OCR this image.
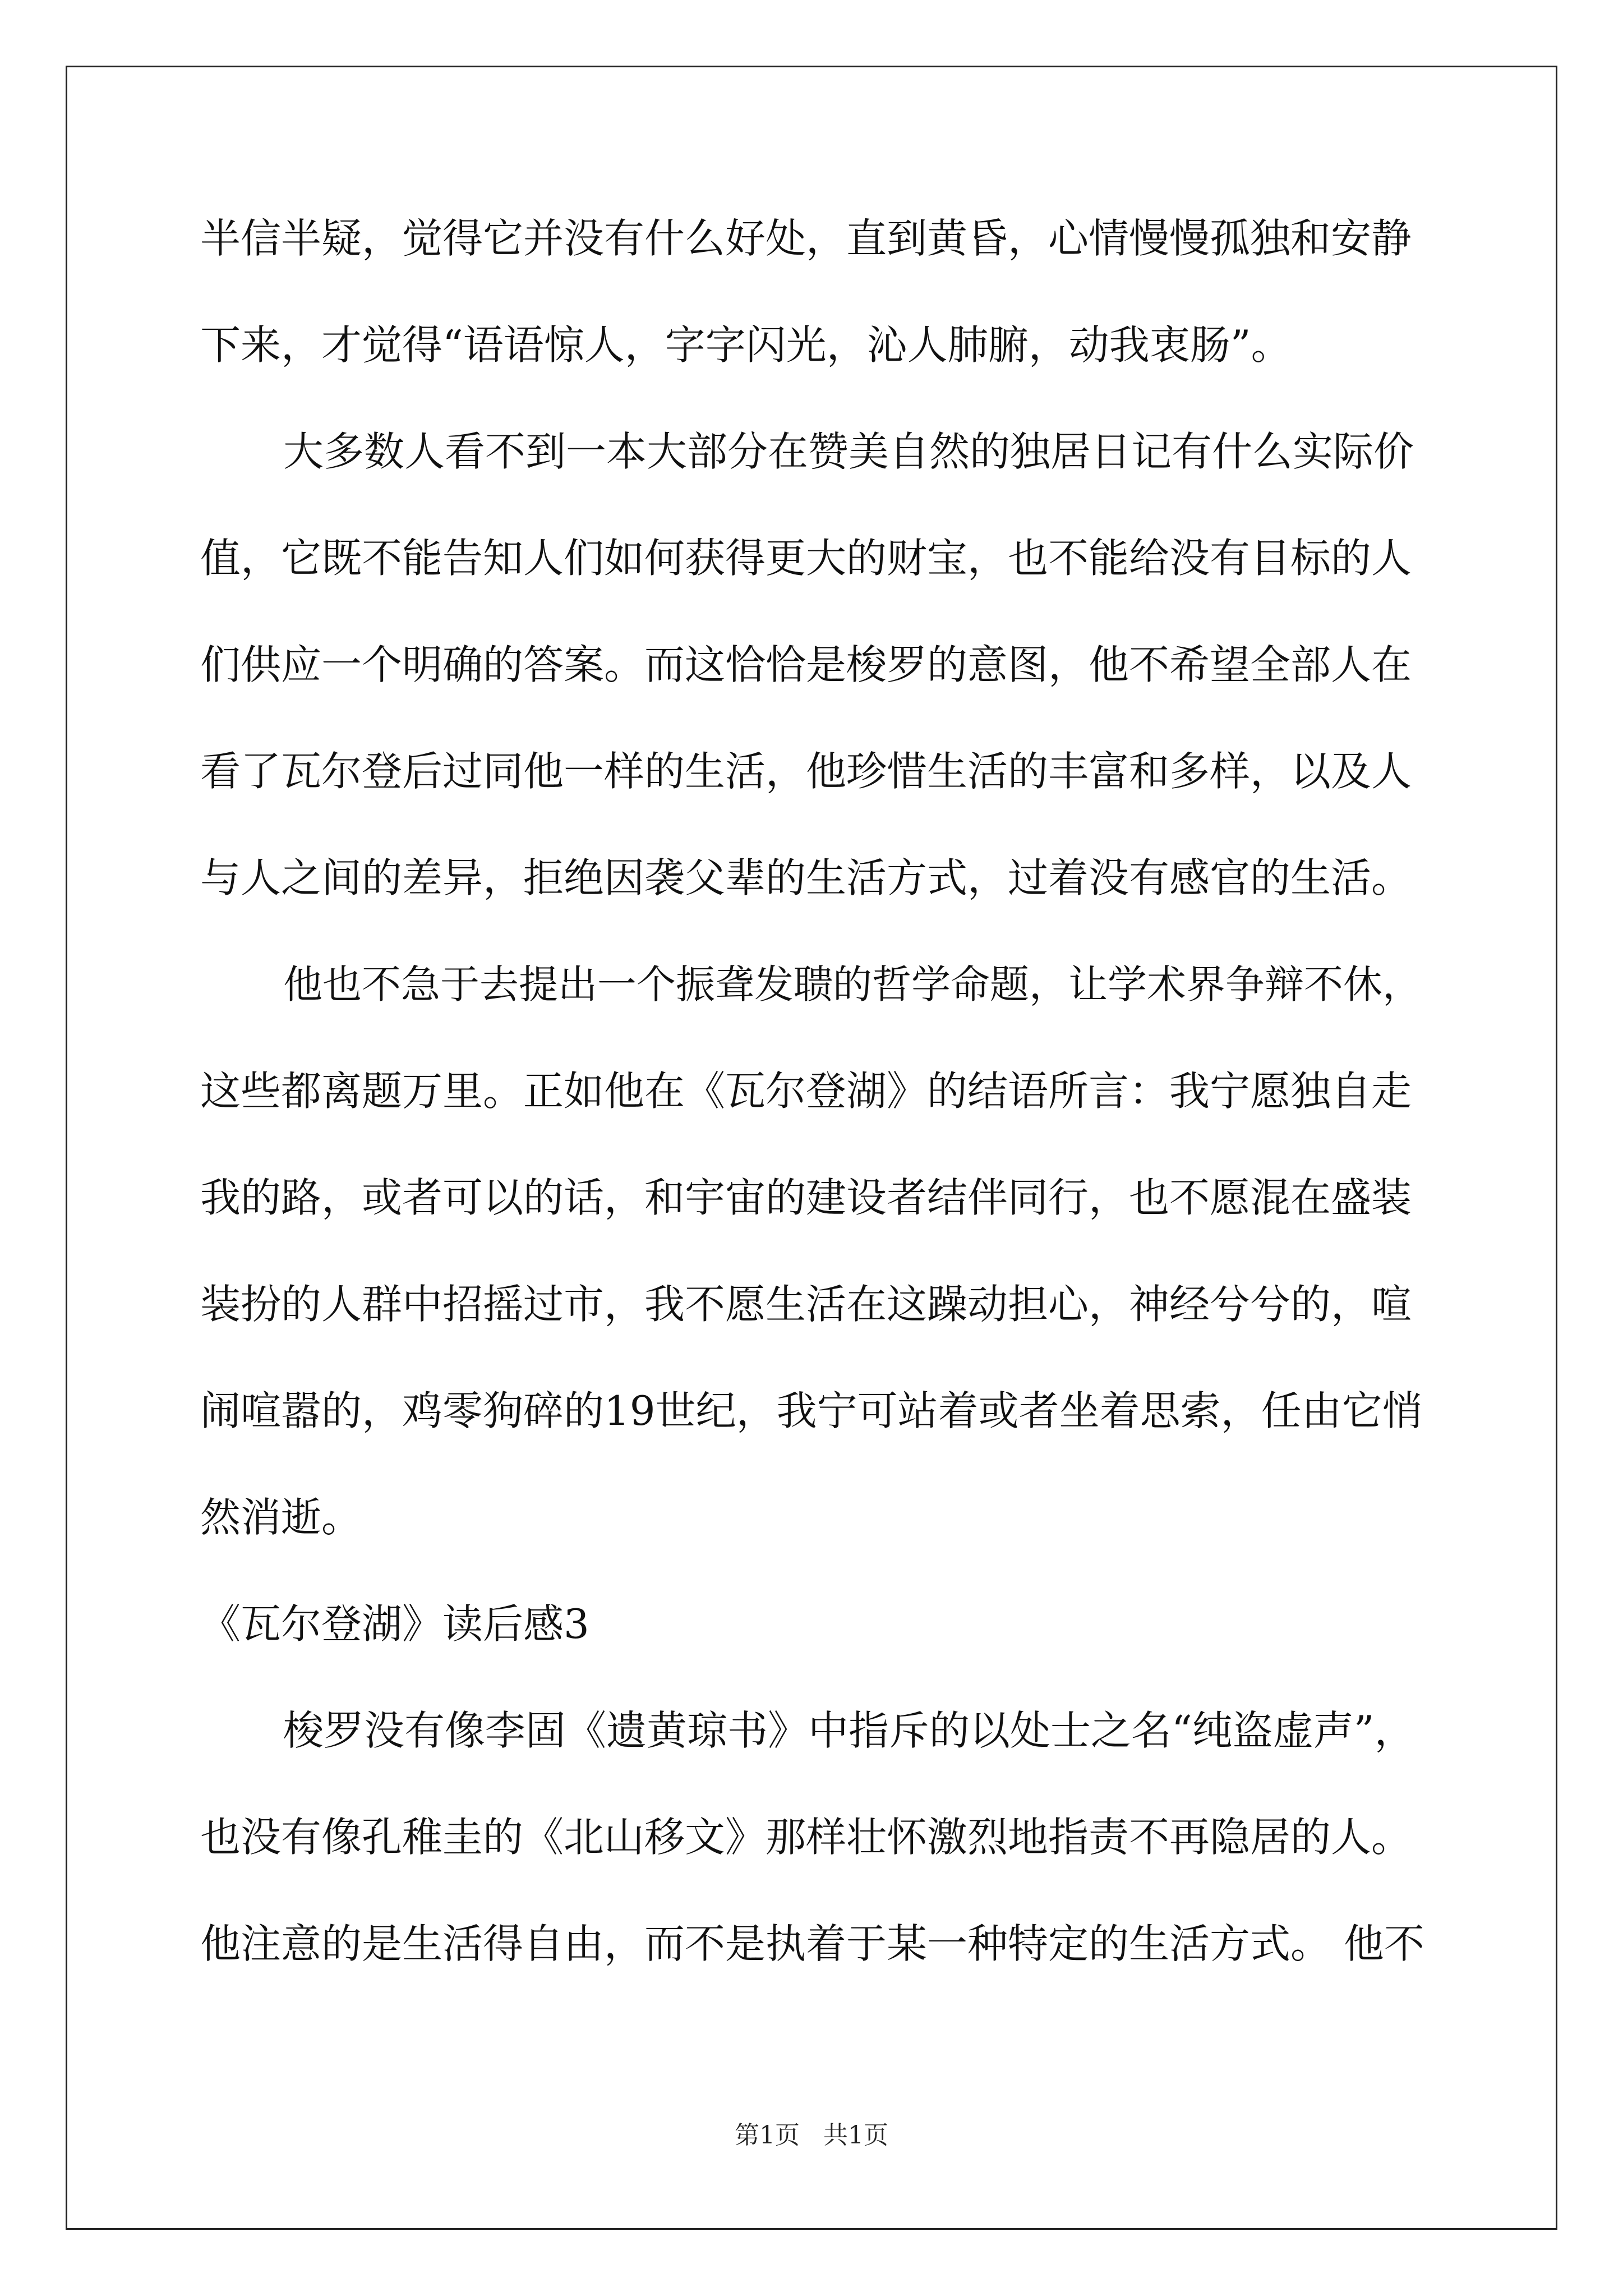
半信半疑，觉得它并没有什么好处，直到黄昏，心情慢慢孤独和安静
下来，才觉得“语语惊人，字字闪光，沁人肺腑，动我衷肠”。
大多数人看不到一本大部分在赞美自然的独居日记有什么实际价
值，它既不能告知人们如何获得更大的财宝，也不能给没有目标的人
们供应一个明确的答案。而这恰恰是梭罗的意图，他不希望全部人在
看了瓦尔登后过同他一样的生活，他珍惜生活的丰富和多样，以及人
与人之间的差异，拒绝因袭父辈的生活方式，过着没有感官的生活。
他也不急于去提出一个振聋发聩的哲学命题，让学术界争辩不休，
这些都离题万里。正如他在《瓦尔登湖》的结语所言：我宁愿独自走
我的路，或者可以的话，和宇宙的建设者结伴同行，也不愿混在盛装
装扮的人群中招摇过市，我不愿生活在这躁动担心，神经兮兮的，喧
闹喧嚣的，鸡零狗碎的19世纪，我宁可站着或者坐着思索，任由它悄
然消逝。
《瓦尔登湖》读后感3
梭罗没有像李固《遗黄琼书》中指斥的以处士之名“纯盗虚声”，
也没有像孔稚圭的《北山移文》那样壮怀激烈地指责不再隐居的人。
他注意的是生活得自由，而不是执着于某一种特定的生活方式。 他不
第1页   共1页
